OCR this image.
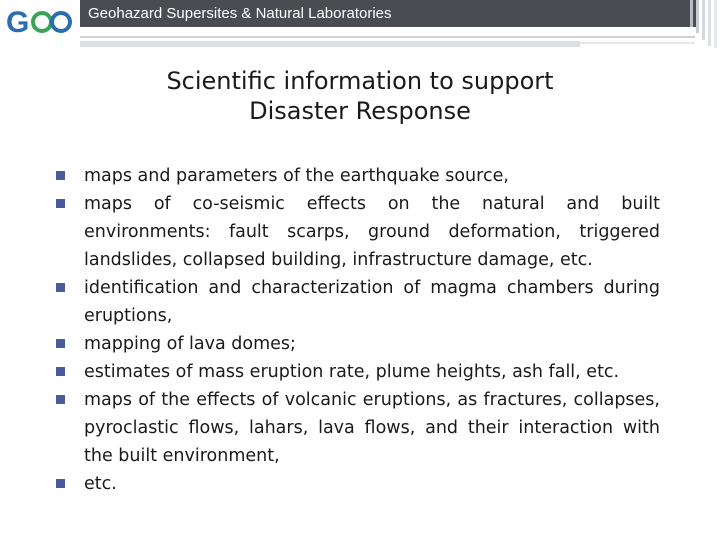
G	Geohazard Supersites & Natural Laboratories
Scientific information to support
Disaster Response
maps and parameters of the earthquake source,
maps of co-seismic effects on the natural and built environments: fault scarps, ground deformation, triggered landslides, collapsed building, infrastructure damage, etc.
identification and characterization of magma chambers during eruptions,
mapping of lava domes;
estimates of mass eruption rate, plume heights, ash fall, etc.
maps of the effects of volcanic eruptions, as fractures, collapses, pyroclastic flows, lahars, lava flows, and their interaction with the built environment,
etc.
